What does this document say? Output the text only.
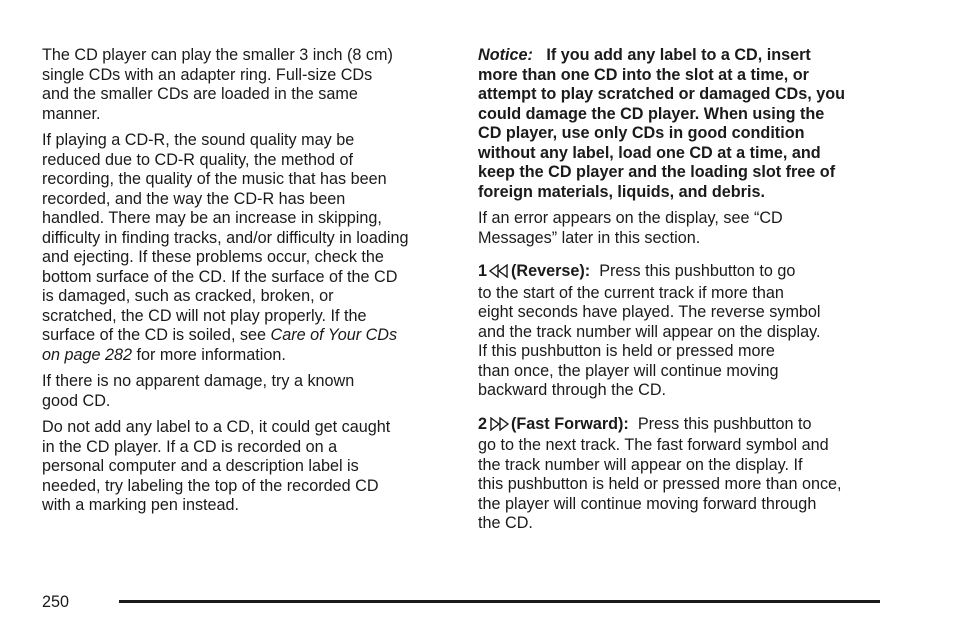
The CD player can play the smaller 3 inch (8 cm)
single CDs with an adapter ring. Full-size CDs
and the smaller CDs are loaded in the same
manner.

If playing a CD-R, the sound quality may be
reduced due to CD-R quality, the method of
recording, the quality of the music that has been
recorded, and the way the CD-R has been
handled. There may be an increase in skipping,
difficulty in finding tracks, and/or difficulty in loading
and ejecting. If these problems occur, check the
bottom surface of the CD. If the surface of the CD
is damaged, such as cracked, broken, or
scratched, the CD will not play properly. If the
surface of the CD is soiled, see Care of Your CDs
on page 282 for more information.

If there is no apparent damage, try a known
good CD.

Do not add any label to a CD, it could get caught
in the CD player. If a CD is recorded on a
personal computer and a description label is
needed, try labeling the top of the recorded CD
with a marking pen instead.

Notice: If you add any label to a CD, insert
more than one CD into the slot at a time, or
attempt to play scratched or damaged CDs, you
could damage the CD player. When using the
CD player, use only CDs in good condition
without any label, load one CD at a time, and
keep the CD player and the loading slot free of
foreign materials, liquids, and debris.

If an error appears on the display, see “CD
Messages” later in this section.

1 (Reverse): Press this pushbutton to go
to the start of the current track if more than
eight seconds have played. The reverse symbol
and the track number will appear on the display.
If this pushbutton is held or pressed more
than once, the player will continue moving
backward through the CD.

2 (Fast Forward): Press this pushbutton to
go to the next track. The fast forward symbol and
the track number will appear on the display. If
this pushbutton is held or pressed more than once,
the player will continue moving forward through
the CD.

250
